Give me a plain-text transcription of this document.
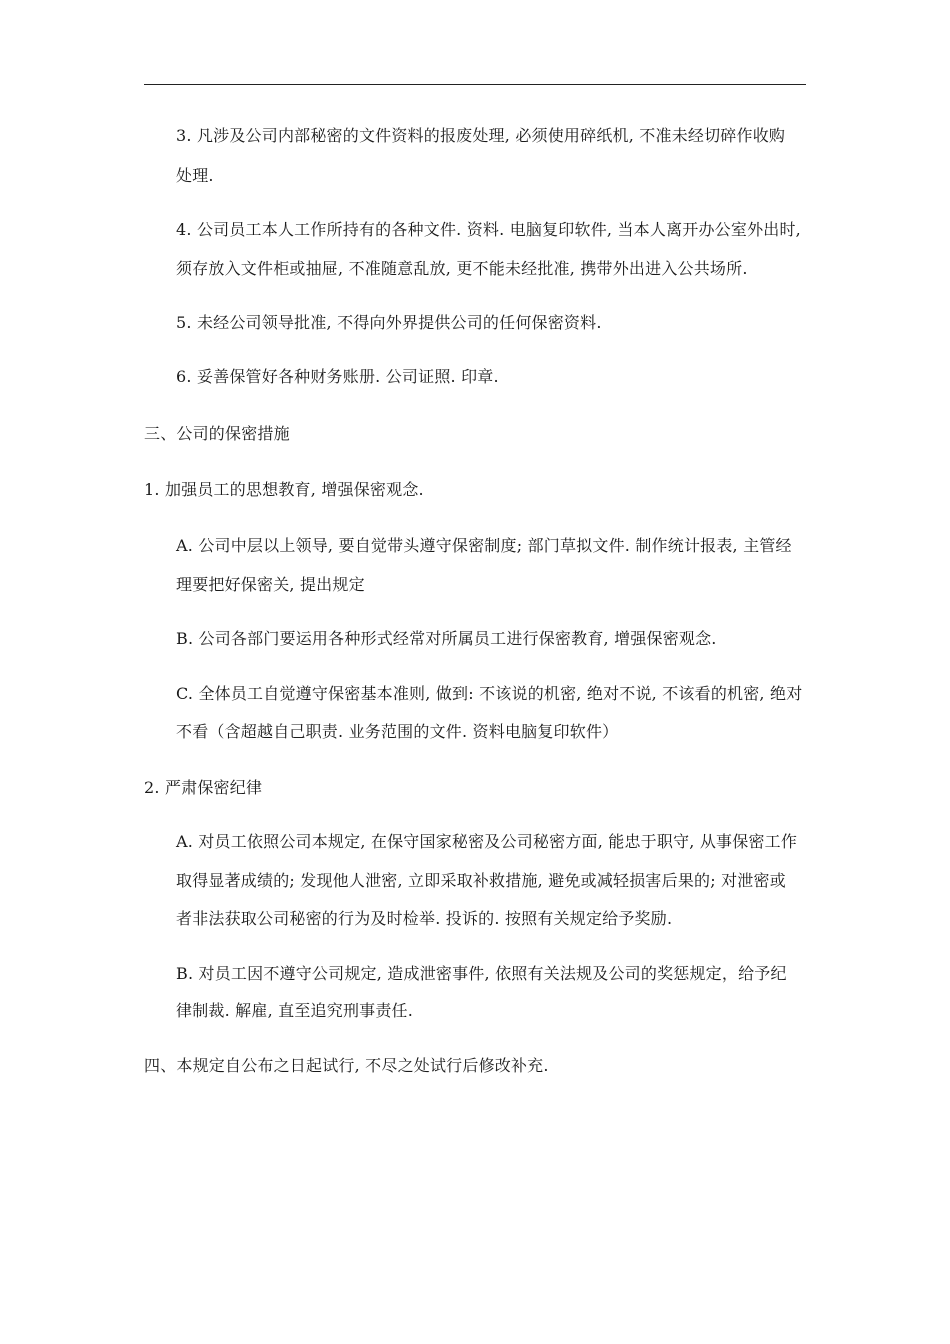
3. 凡涉及公司内部秘密的文件资料的报废处理, 必须使用碎纸机, 不准未经切碎作收购
处理.
4. 公司员工本人工作所持有的各种文件. 资料. 电脑复印软件, 当本人离开办公室外出时,
须存放入文件柜或抽屉, 不准随意乱放, 更不能未经批准, 携带外出进入公共场所.
5. 未经公司领导批准, 不得向外界提供公司的任何保密资料.
6. 妥善保管好各种财务账册. 公司证照. 印章.
三、公司的保密措施
1. 加强员工的思想教育, 增强保密观念.
A. 公司中层以上领导, 要自觉带头遵守保密制度; 部门草拟文件. 制作统计报表, 主管经
理要把好保密关, 提出规定
B. 公司各部门要运用各种形式经常对所属员工进行保密教育, 增强保密观念.
C. 全体员工自觉遵守保密基本准则, 做到: 不该说的机密, 绝对不说, 不该看的机密, 绝对
不看（含超越自己职责. 业务范围的文件. 资料电脑复印软件）
2. 严肃保密纪律
A. 对员工依照公司本规定, 在保守国家秘密及公司秘密方面, 能忠于职守, 从事保密工作
取得显著成绩的; 发现他人泄密, 立即采取补救措施, 避免或减轻损害后果的; 对泄密或
者非法获取公司秘密的行为及时检举. 投诉的. 按照有关规定给予奖励.
B. 对员工因不遵守公司规定, 造成泄密事件, 依照有关法规及公司的奖惩规定，给予纪
律制裁. 解雇, 直至追究刑事责任.
四、本规定自公布之日起试行, 不尽之处试行后修改补充.
